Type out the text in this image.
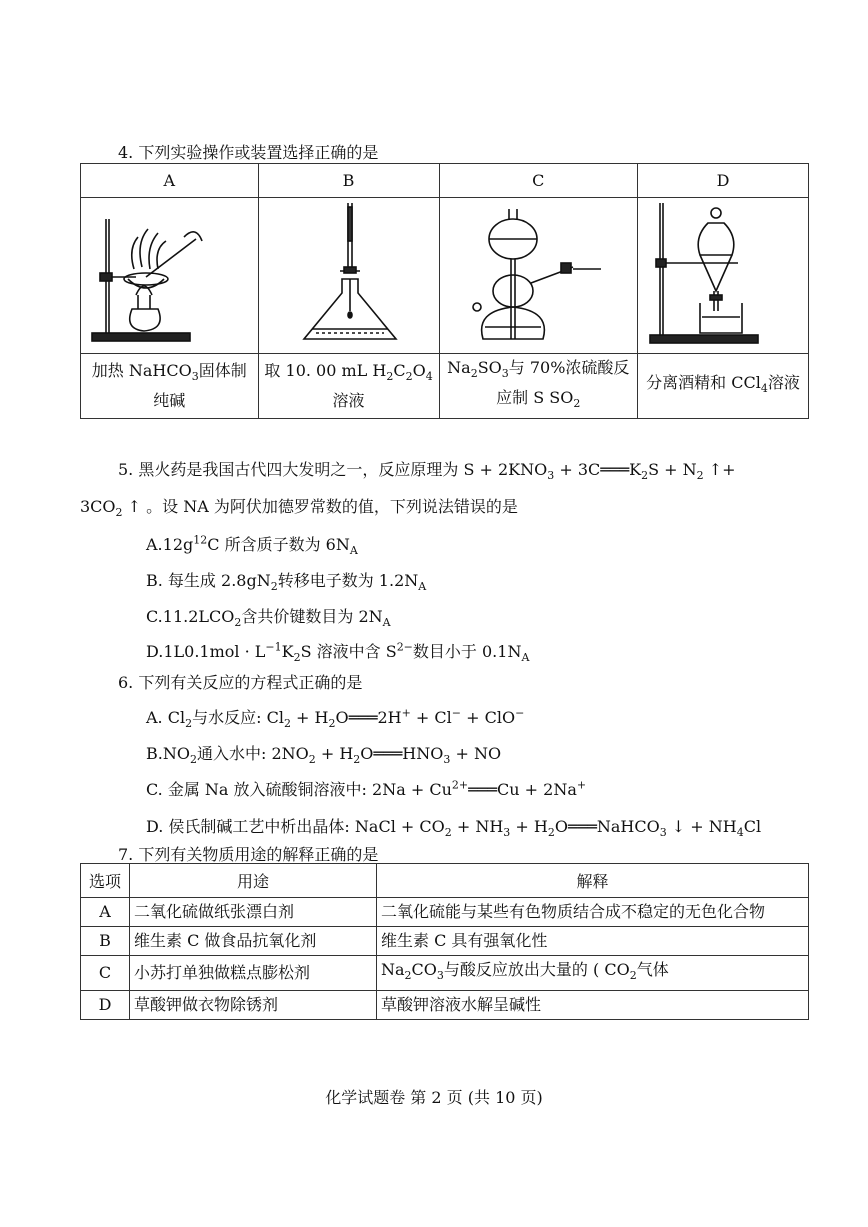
4. 下列实验操作或装置选择正确的是
A	B	C	D

加热 NaHCO$_3$固体制纯碱	取 10. 00 mL $H_2C_2O_4$溶液	$Na_2SO_3$与 70%浓硫酸反应制 S $SO_2$	分离酒精和 CCl$_4$溶液
5. 黑火药是我国古代四大发明之一，反应原理为 $S + 2KNO_3$ + $3C═══K_2S + N_2$ ↑+
$3CO_2$ ↑ 。设 NA 为阿伏加德罗常数的值，下列说法错误的是
$A.12g^{12}C$ 所含质子数为 $6N_A$
B. 每生成 $2.8gN_2$转移电子数为 $1.2N_A$
$C.11.2LCO_2$含共价键数目为 $2N_A$
$D.1L0.1mol \cdot L^{-1}K_2S$ 溶液中含 $S^{2-}$数目小于 $0.1N_A$
6. 下列有关反应的方程式正确的是
A. $Cl_2$与水反应: $Cl_2$ + $H_2O═══2H^+ + Cl^- + ClO^-$
$B.NO_2$通入水中: $2NO_2$ + $H_2O═══HNO_3$ + NO
C. 金属 Na 放入硫酸铜溶液中: $2Na + Cu^{2+}═══Cu + 2Na^+$
D. 侯氏制碱工艺中析出晶体: NaCl + $CO_2 + NH_3$ + $H_2O═══NaHCO_3$ ↓ + $NH_4Cl$
7. 下列有关物质用途的解释正确的是
选项	用途	解释
A	二氧化硫做纸张漂白剂	二氧化硫能与某些有色物质结合成不稳定的无色化合物
B	维生素 C 做食品抗氧化剂	维生素 C 具有强氧化性
C	小苏打单独做糕点膨松剂	$Na_2CO_3$与酸反应放出大量的 ( $CO_2$气体
D	草酸钾做衣物除锈剂	草酸钾溶液水解呈碱性
化学试题卷 第 2 页 (共 10 页)
